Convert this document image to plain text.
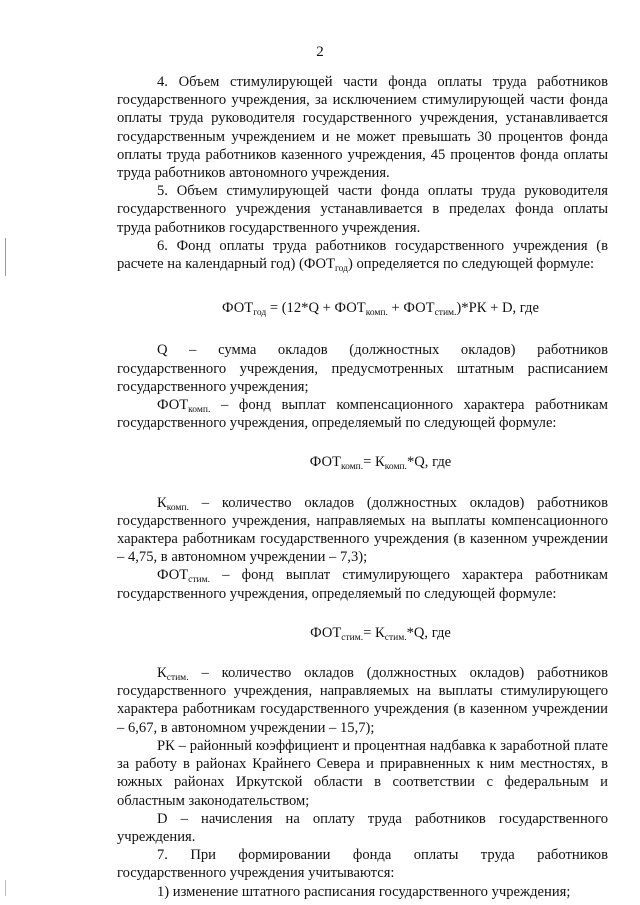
2

4. Объем стимулирующей части фонда оплаты труда работников государственного учреждения, за исключением стимулирующей части фонда оплаты труда руководителя государственного учреждения, устанавливается государственным учреждением и не может превышать 30 процентов фонда оплаты труда работников казенного учреждения, 45 процентов фонда оплаты труда работников автономного учреждения.

5. Объем стимулирующей части фонда оплаты труда руководителя государственного учреждения устанавливается в пределах фонда оплаты труда работников государственного учреждения.

6. Фонд оплаты труда работников государственного учреждения (в расчете на календарный год) $(ФОТ_{год})$ определяется по следующей формуле:

$ФОТ_{год} = (12*Q + ФОТ_{комп.} + ФОТ_{стим.})*РК + D$, где

Q – сумма окладов (должностных окладов) работников государственного учреждения, предусмотренных штатным расписанием государственного учреждения;

$ФОТ_{комп.}$ – фонд выплат компенсационного характера работникам государственного учреждения, определяемый по следующей формуле:

$ФОТ_{комп.}= К_{комп.}*Q$, где

$К_{комп.}$ – количество окладов (должностных окладов) работников государственного учреждения, направляемых на выплаты компенсационного характера работникам государственного учреждения (в казенном учреждении – 4,75, в автономном учреждении – 7,3);

$ФОТ_{стим.}$ – фонд выплат стимулирующего характера работникам государственного учреждения, определяемый по следующей формуле:

$ФОТ_{стим.}= К_{стим.}*Q$, где

$К_{стим.}$ – количество окладов (должностных окладов) работников государственного учреждения, направляемых на выплаты стимулирующего характера работникам государственного учреждения (в казенном учреждении – 6,67, в автономном учреждении – 15,7);

РК – районный коэффициент и процентная надбавка к заработной плате за работу в районах Крайнего Севера и приравненных к ним местностях, в южных районах Иркутской области в соответствии с федеральным и областным законодательством;

D – начисления на оплату труда работников государственного учреждения.

7. При формировании фонда оплаты труда работников государственного учреждения учитываются:

1) изменение штатного расписания государственного учреждения;
